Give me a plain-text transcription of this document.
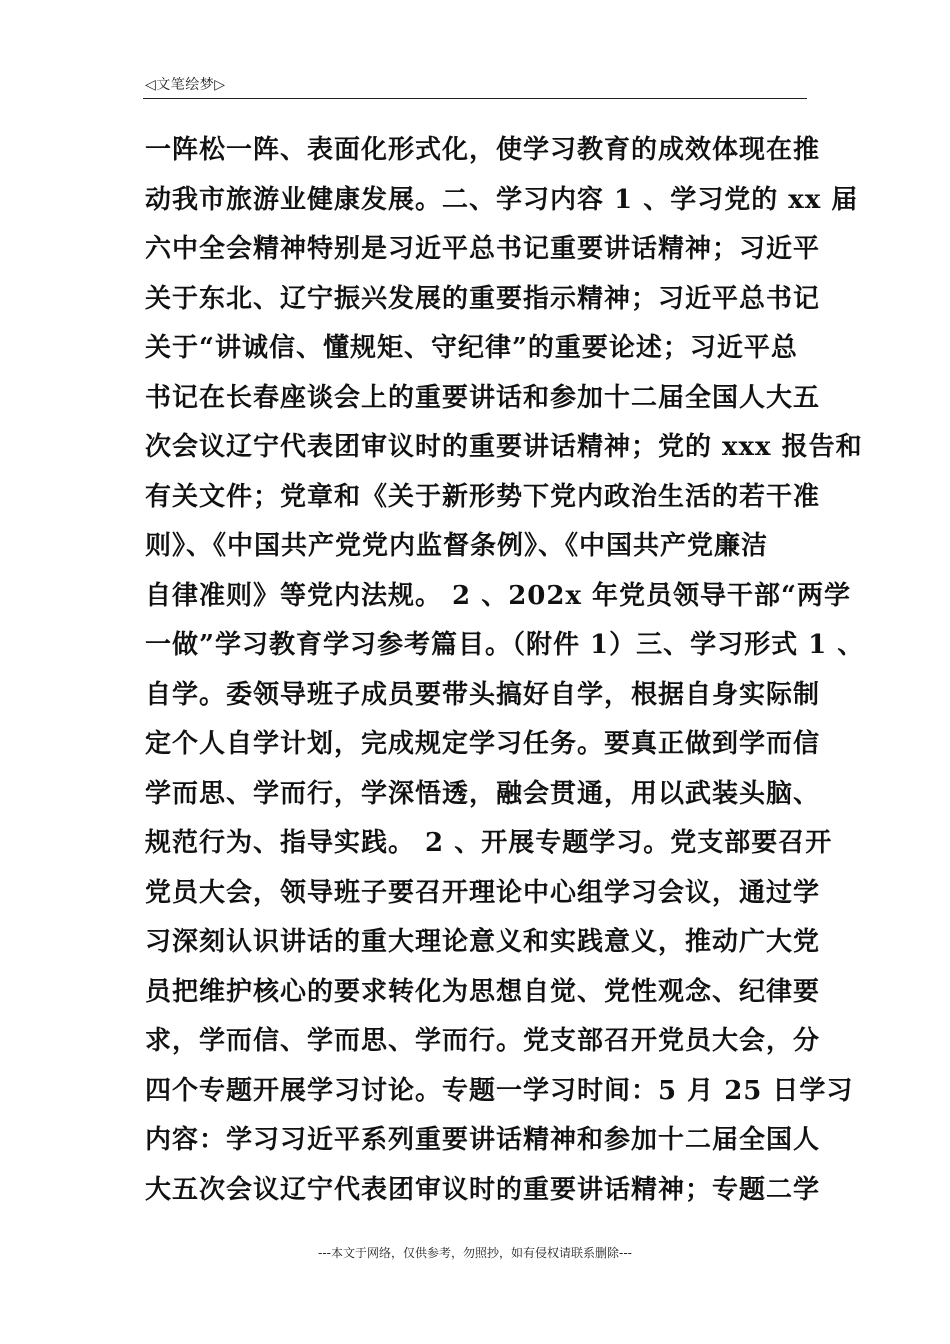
◁文笔绘梦▷
一阵松一阵、表面化形式化，使学习教育的成效体现在推
动我市旅游业健康发展。二、学习内容 1 、学习党的 xx 届
六中全会精神特别是习近平总书记重要讲话精神；习近平
关于东北、辽宁振兴发展的重要指示精神；习近平总书记
关于“讲诚信、懂规矩、守纪律”的重要论述；习近平总
书记在长春座谈会上的重要讲话和参加十二届全国人大五
次会议辽宁代表团审议时的重要讲话精神；党的 xxx 报告和
有关文件；党章和《关于新形势下党内政治生活的若干准
则》、《中国共产党党内监督条例》、《中国共产党廉洁
自律准则》等党内法规。 2 、202x 年党员领导干部“两学
一做”学习教育学习参考篇目。（附件 1）三、学习形式 1 、
自学。委领导班子成员要带头搞好自学，根据自身实际制
定个人自学计划，完成规定学习任务。要真正做到学而信
学而思、学而行，学深悟透，融会贯通，用以武装头脑、
规范行为、指导实践。 2 、开展专题学习。党支部要召开
党员大会，领导班子要召开理论中心组学习会议，通过学
习深刻认识讲话的重大理论意义和实践意义，推动广大党
员把维护核心的要求转化为思想自觉、党性观念、纪律要
求，学而信、学而思、学而行。党支部召开党员大会，分
四个专题开展学习讨论。专题一学习时间：5 月 25 日学习
内容：学习习近平系列重要讲话精神和参加十二届全国人
大五次会议辽宁代表团审议时的重要讲话精神；专题二学
---本文于网络，仅供参考，勿照抄，如有侵权请联系删除---
